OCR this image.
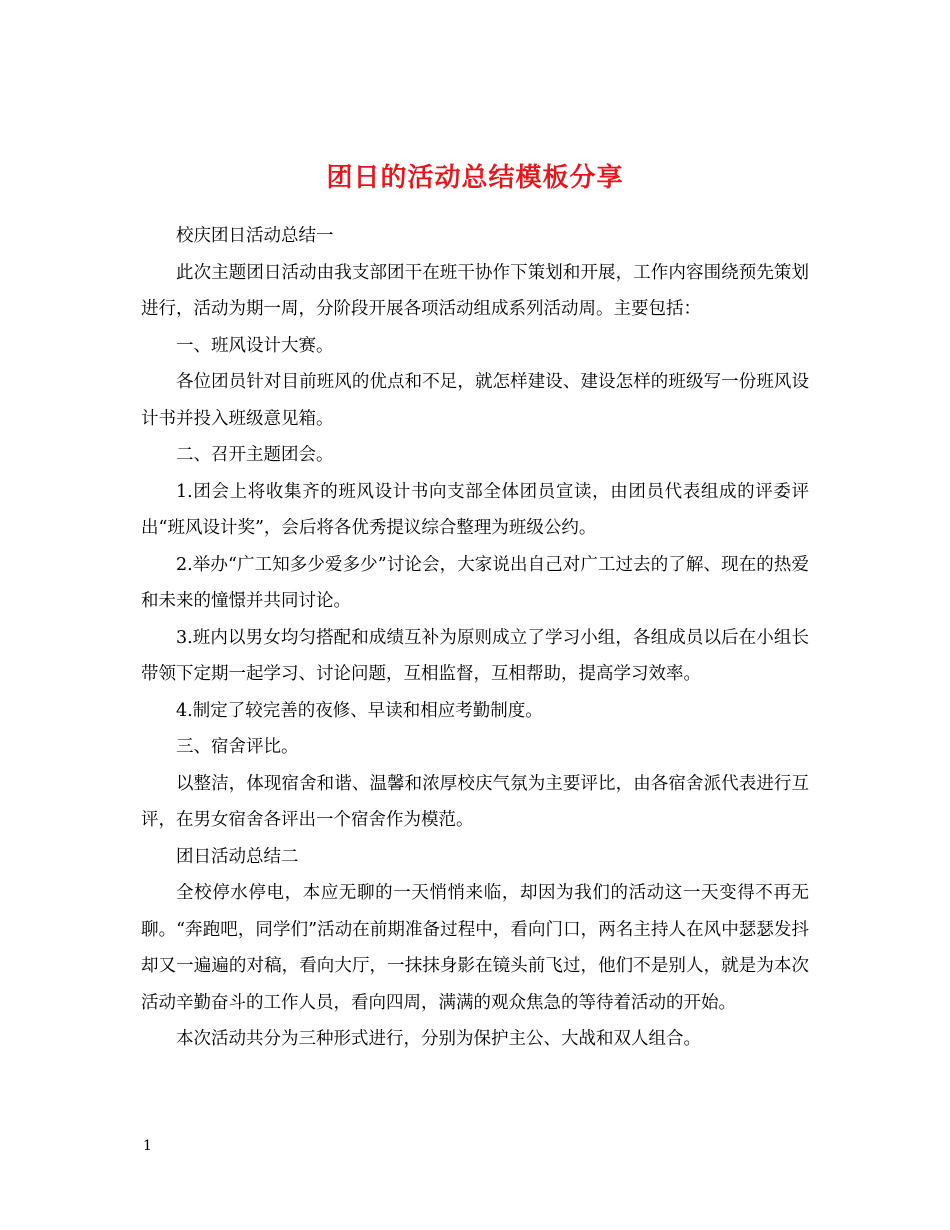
团日的活动总结模板分享

校庆团日活动总结一

此次主题团日活动由我支部团干在班干协作下策划和开展，工作内容围绕预先策划进行，活动为期一周，分阶段开展各项活动组成系列活动周。主要包括：

一、班风设计大赛。

各位团员针对目前班风的优点和不足，就怎样建设、建设怎样的班级写一份班风设计书并投入班级意见箱。

二、召开主题团会。

1.团会上将收集齐的班风设计书向支部全体团员宣读，由团员代表组成的评委评出“班风设计奖”，会后将各优秀提议综合整理为班级公约。

2.举办“广工知多少爱多少”讨论会，大家说出自己对广工过去的了解、现在的热爱和未来的憧憬并共同讨论。

3.班内以男女均匀搭配和成绩互补为原则成立了学习小组，各组成员以后在小组长带领下定期一起学习、讨论问题，互相监督，互相帮助，提高学习效率。

4.制定了较完善的夜修、早读和相应考勤制度。

三、宿舍评比。

以整洁，体现宿舍和谐、温馨和浓厚校庆气氛为主要评比，由各宿舍派代表进行互评，在男女宿舍各评出一个宿舍作为模范。

团日活动总结二

全校停水停电，本应无聊的一天悄悄来临，却因为我们的活动这一天变得不再无聊。“奔跑吧，同学们”活动在前期准备过程中，看向门口，两名主持人在风中瑟瑟发抖却又一遍遍的对稿，看向大厅，一抹抹身影在镜头前飞过，他们不是别人，就是为本次活动辛勤奋斗的工作人员，看向四周，满满的观众焦急的等待着活动的开始。

本次活动共分为三种形式进行，分别为保护主公、大战和双人组合。

1
